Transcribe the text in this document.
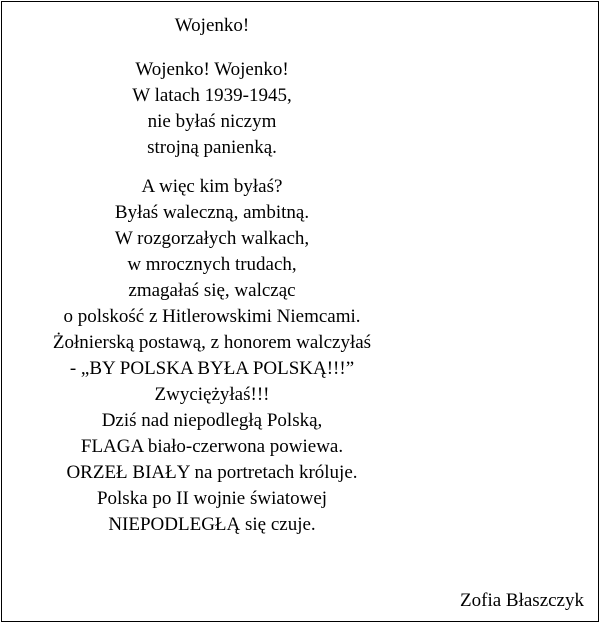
Wojenko!
Wojenko! Wojenko!
W latach 1939-1945,
nie byłaś niczym
strojną panienką.
A więc kim byłaś?
Byłaś waleczną, ambitną.
W rozgorzałych walkach,
w mrocznych trudach,
zmagałaś się, walcząc
o polskość z Hitlerowskimi Niemcami.
Żołnierską postawą, z honorem walczyłaś
- „BY POLSKA BYŁA POLSKĄ!!!”
Zwyciężyłaś!!!
Dziś nad niepodległą Polską,
FLAGA biało-czerwona powiewa.
ORZEŁ BIAŁY na portretach króluje.
Polska po II wojnie światowej
NIEPODLEGŁĄ się czuje.
Zofia Błaszczyk
